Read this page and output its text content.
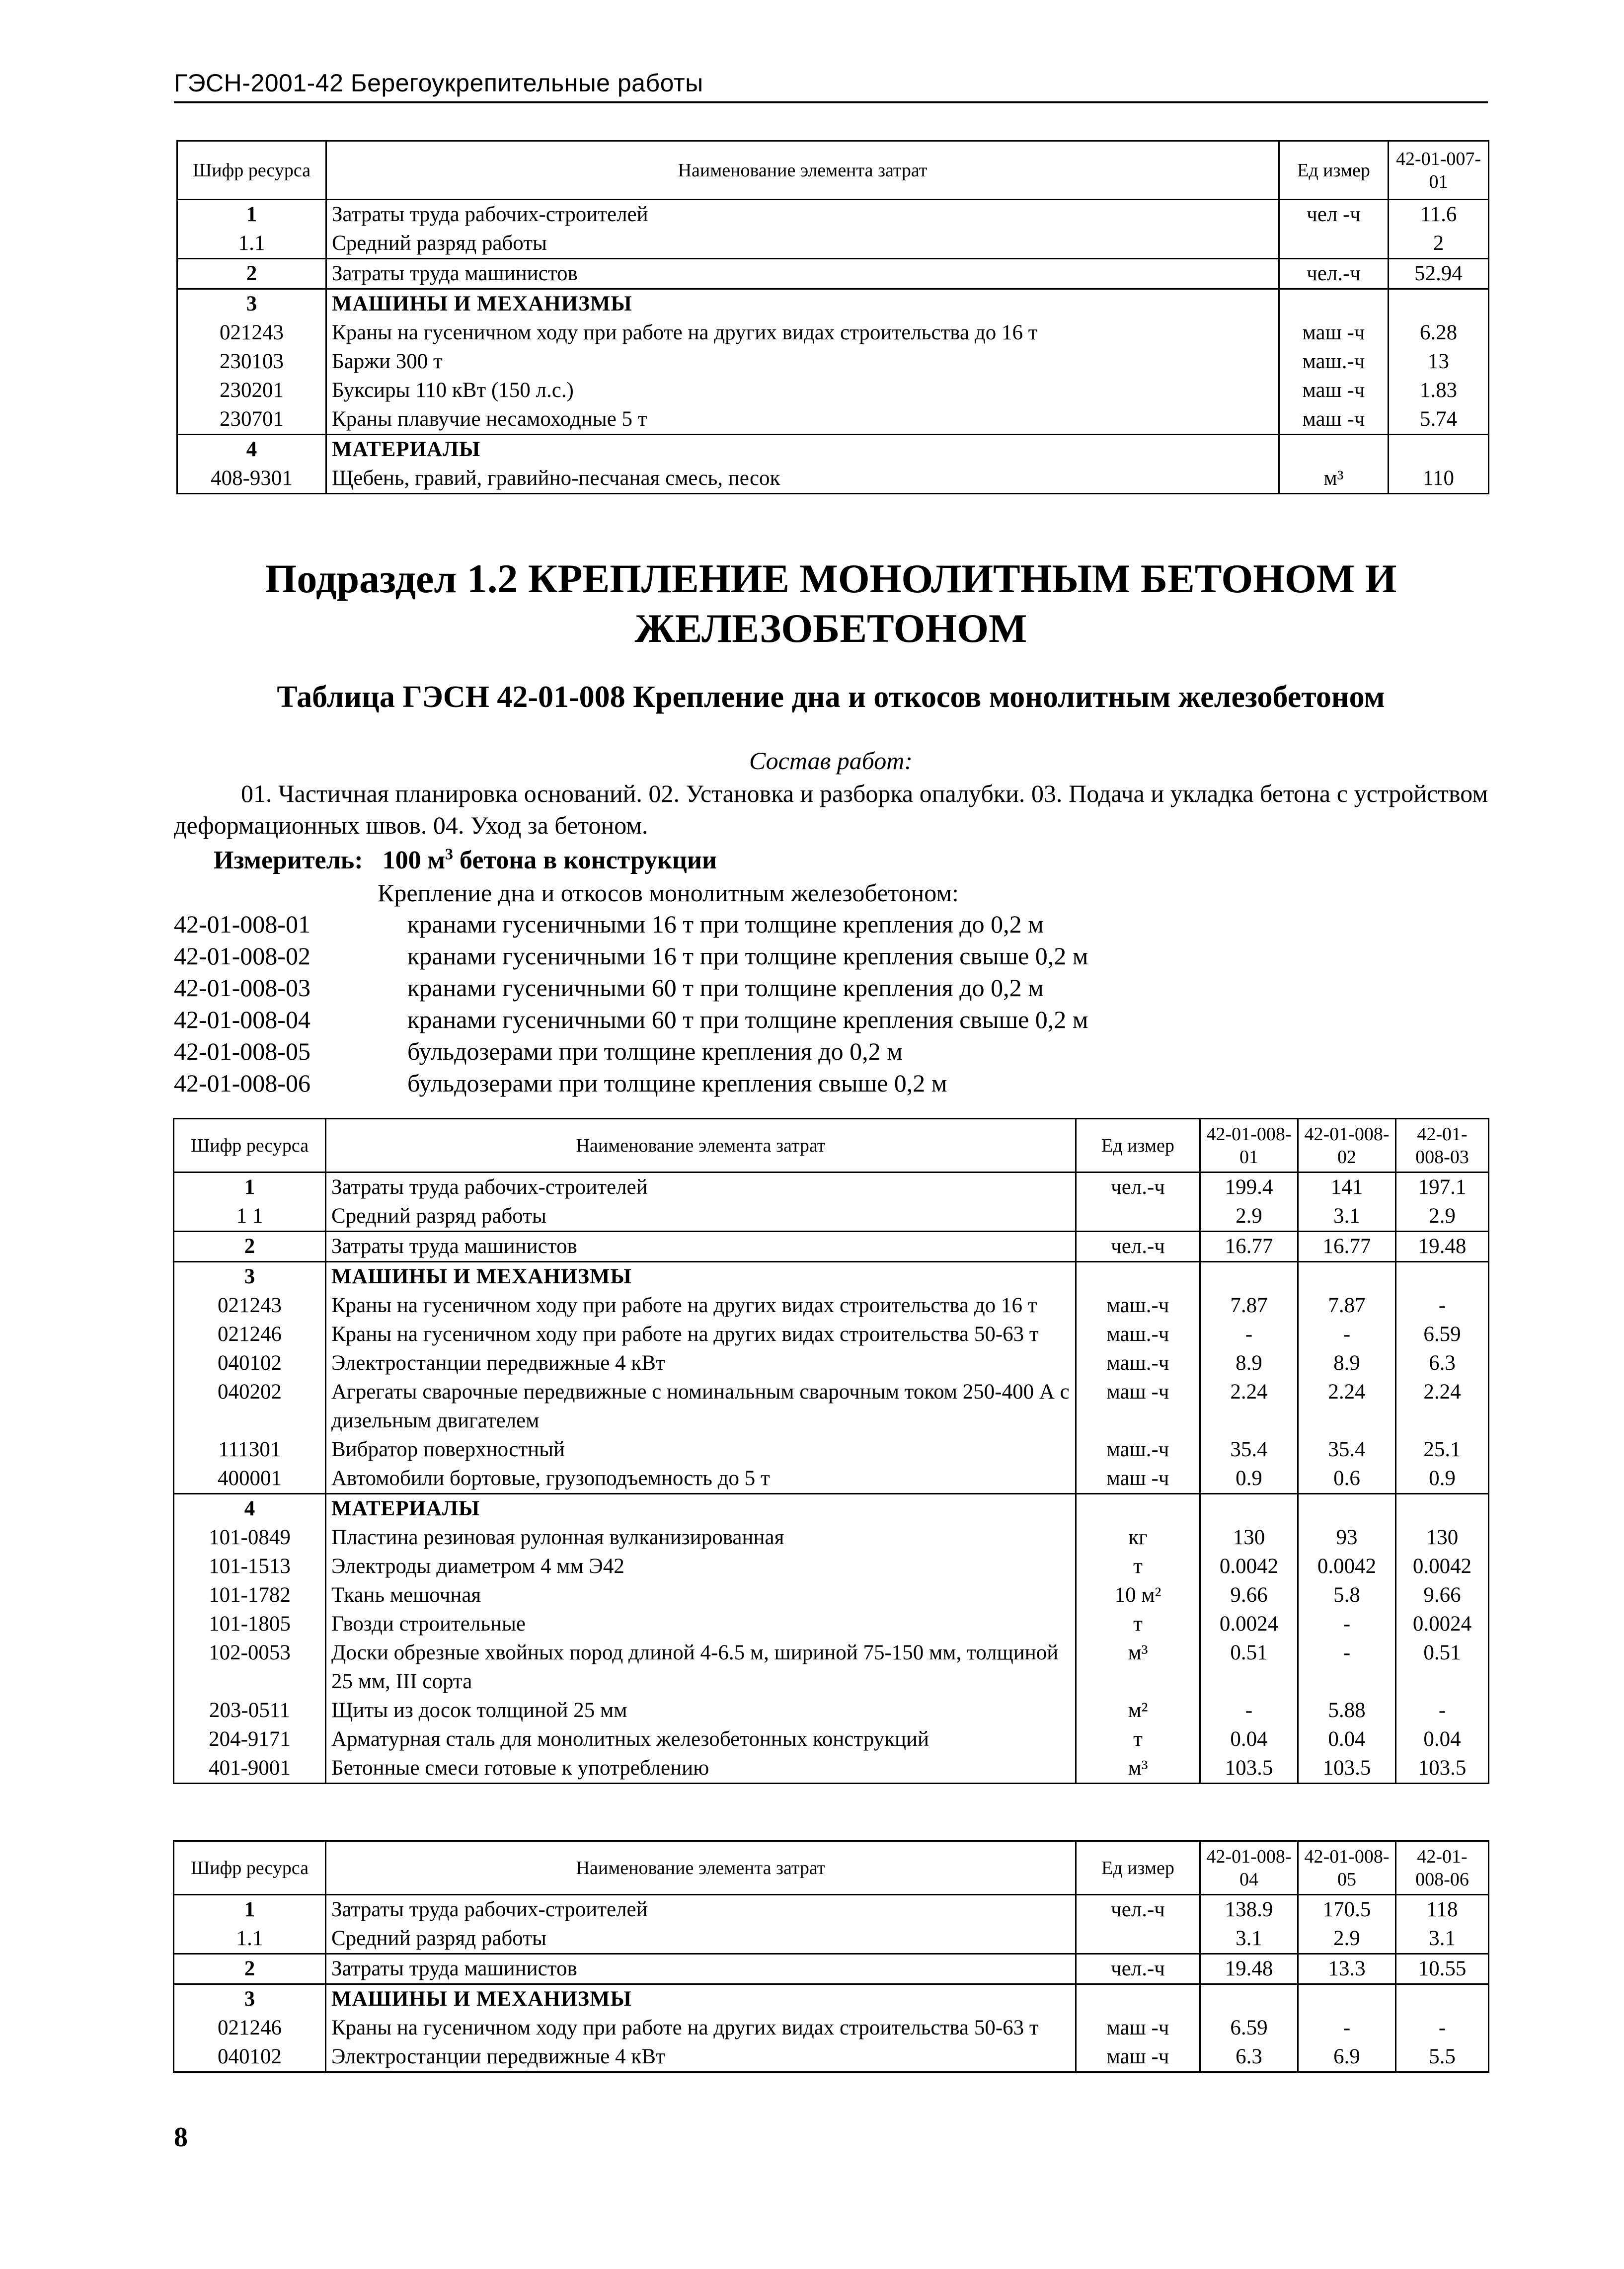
ГЭСН-2001-42 Берегоукрепительные работы
Шифр ресурса	Наименование элемента затрат	Ед измер	42-01-007-01
1	Затраты труда рабочих-строителей	чел -ч	11.6
1.1	Средний разряд работы		2
2	Затраты труда машинистов	чел.-ч	52.94
3	МАШИНЫ И МЕХАНИЗМЫ		
021243	Краны на гусеничном ходу при работе на других видах строительства до 16 т	маш -ч	6.28
230103	Баржи 300 т	маш.-ч	13
230201	Буксиры 110 кВт (150 л.с.)	маш -ч	1.83
230701	Краны плавучие несамоходные 5 т	маш -ч	5.74
4	МАТЕРИАЛЫ		
408-9301	Щебень, гравий, гравийно-песчаная смесь, песок	м³	110
Подраздел 1.2 КРЕПЛЕНИЕ МОНОЛИТНЫМ БЕТОНОМ И
ЖЕЛЕЗОБЕТОНОМ
Таблица ГЭСН 42-01-008 Крепление дна и откосов монолитным железобетоном
Состав работ:
01. Частичная планировка оснований. 02. Установка и разборка опалубки. 03. Подача и укладка бетона с устройством деформационных швов. 04. Уход за бетоном.
Измеритель: 100 $м^3$ бетона в конструкции
Крепление дна и откосов монолитным железобетоном:
42-01-008-01	кранами гусеничными 16 т при толщине крепления до 0,2 м
42-01-008-02	кранами гусеничными 16 т при толщине крепления свыше 0,2 м
42-01-008-03	кранами гусеничными 60 т при толщине крепления до 0,2 м
42-01-008-04	кранами гусеничными 60 т при толщине крепления свыше 0,2 м
42-01-008-05	бульдозерами при толщине крепления до 0,2 м
42-01-008-06	бульдозерами при толщине крепления свыше 0,2 м
Шифр ресурса	Наименование элемента затрат	Ед измер	42-01-008-01	42-01-008-02	42-01-008-03
1	Затраты труда рабочих-строителей	чел.-ч	199.4	141	197.1
1 1	Средний разряд работы		2.9	3.1	2.9
2	Затраты труда машинистов	чел.-ч	16.77	16.77	19.48
3	МАШИНЫ И МЕХАНИЗМЫ				
021243	Краны на гусеничном ходу при работе на других видах строительства до 16 т	маш.-ч	7.87	7.87	-
021246	Краны на гусеничном ходу при работе на других видах строительства 50-63 т	маш.-ч	-	-	6.59
040102	Электростанции передвижные 4 кВт	маш.-ч	8.9	8.9	6.3
040202	Агрегаты сварочные передвижные с номинальным сварочным током 250-400 А с дизельным двигателем	маш -ч	2.24	2.24	2.24
111301	Вибратор поверхностный	маш.-ч	35.4	35.4	25.1
400001	Автомобили бортовые, грузоподъемность до 5 т	маш -ч	0.9	0.6	0.9
4	МАТЕРИАЛЫ				
101-0849	Пластина резиновая рулонная вулканизированная	кг	130	93	130
101-1513	Электроды диаметром 4 мм Э42	т	0.0042	0.0042	0.0042
101-1782	Ткань мешочная	10 м²	9.66	5.8	9.66
101-1805	Гвозди строительные	т	0.0024	-	0.0024
102-0053	Доски обрезные хвойных пород длиной 4-6.5 м, шириной 75-150 мм, толщиной 25 мм, III сорта	м³	0.51	-	0.51
203-0511	Щиты из досок толщиной 25 мм	м²	-	5.88	-
204-9171	Арматурная сталь для монолитных железобетонных конструкций	т	0.04	0.04	0.04
401-9001	Бетонные смеси готовые к употреблению	м³	103.5	103.5	103.5
Шифр ресурса	Наименование элемента затрат	Ед измер	42-01-008-04	42-01-008-05	42-01-008-06
1	Затраты труда рабочих-строителей	чел.-ч	138.9	170.5	118
1.1	Средний разряд работы		3.1	2.9	3.1
2	Затраты труда машинистов	чел.-ч	19.48	13.3	10.55
3	МАШИНЫ И МЕХАНИЗМЫ				
021246	Краны на гусеничном ходу при работе на других видах строительства 50-63 т	маш -ч	6.59	-	-
040102	Электростанции передвижные 4 кВт	маш -ч	6.3	6.9	5.5
8
